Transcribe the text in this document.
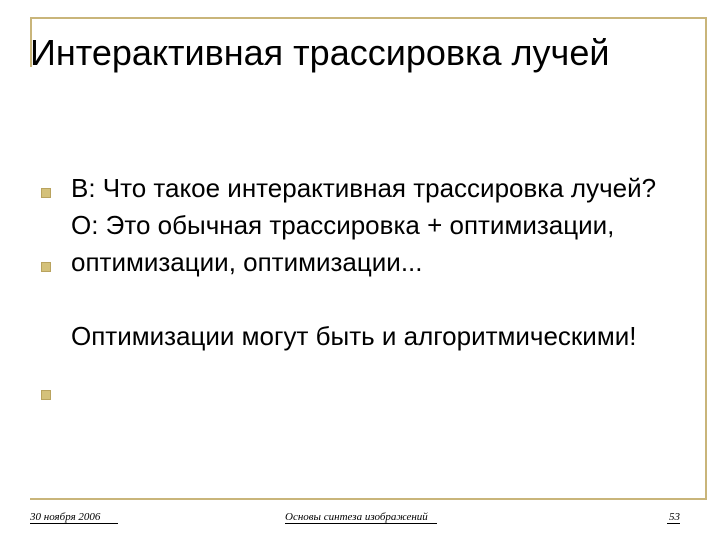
Интерактивная трассировка лучей
В: Что такое интерактивная трассировка лучей?
О: Это обычная трассировка + оптимизации, оптимизации, оптимизации...
Оптимизации могут быть и алгоритмическими!
30 ноября 2006	Основы синтеза изображений	53
